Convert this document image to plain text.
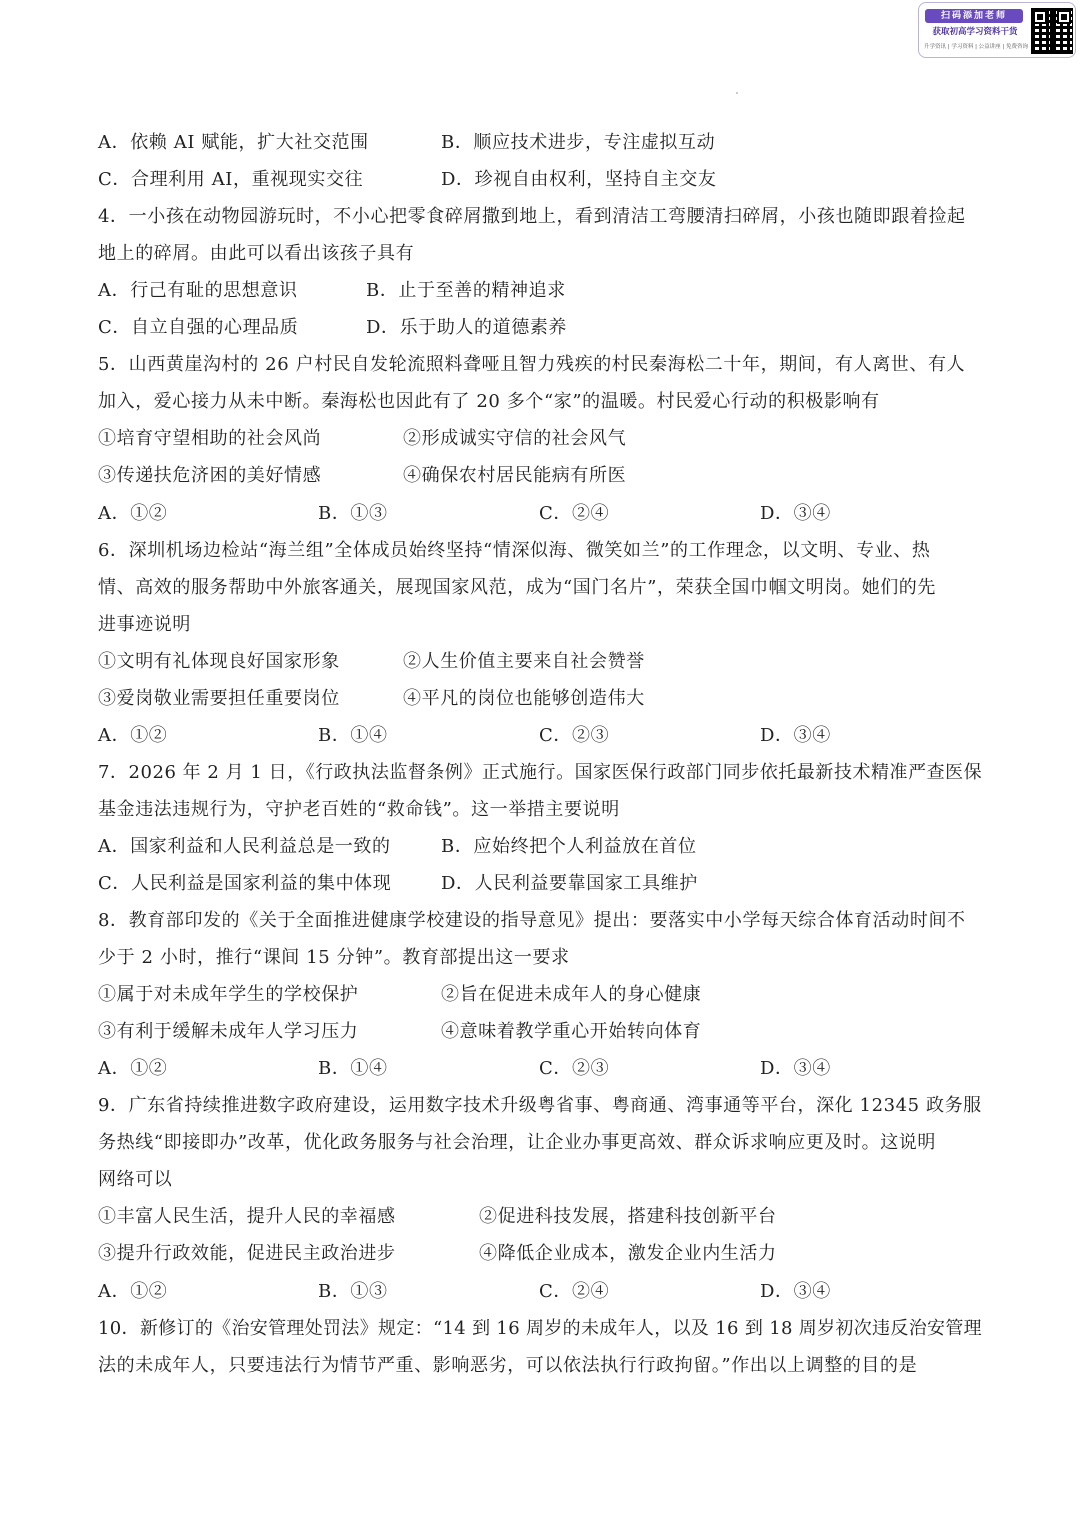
扫码添加老师
获取初高学习资料干货
升学资讯 | 学习资料 | 公益讲座 | 免费咨询
A．依赖 AI 赋能，扩大社交范围	B．顺应技术进步，专注虚拟互动
C．合理利用 AI，重视现实交往	D．珍视自由权利，坚持自主交友
4．一小孩在动物园游玩时，不小心把零食碎屑撒到地上，看到清洁工弯腰清扫碎屑，小孩也随即跟着捡起
地上的碎屑。由此可以看出该孩子具有
A．行己有耻的思想意识	B．止于至善的精神追求
C．自立自强的心理品质	D．乐于助人的道德素养
5．山西黄崖沟村的 26 户村民自发轮流照料聋哑且智力残疾的村民秦海松二十年，期间，有人离世、有人
加入，爱心接力从未中断。秦海松也因此有了 20 多个“家”的温暖。村民爱心行动的积极影响有
①培育守望相助的社会风尚	②形成诚实守信的社会风气
③传递扶危济困的美好情感	④确保农村居民能病有所医
A．①②	B．①③	C．②④	D．③④
6．深圳机场边检站“海兰组”全体成员始终坚持“情深似海、微笑如兰”的工作理念，以文明、专业、热
情、高效的服务帮助中外旅客通关，展现国家风范，成为“国门名片”，荣获全国巾帼文明岗。她们的先
进事迹说明
①文明有礼体现良好国家形象	②人生价值主要来自社会赞誉
③爱岗敬业需要担任重要岗位	④平凡的岗位也能够创造伟大
A．①②	B．①④	C．②③	D．③④
7．2026 年 2 月 1 日，《行政执法监督条例》正式施行。国家医保行政部门同步依托最新技术精准严查医保
基金违法违规行为，守护老百姓的“救命钱”。这一举措主要说明
A．国家利益和人民利益总是一致的	B．应始终把个人利益放在首位
C．人民利益是国家利益的集中体现	D．人民利益要靠国家工具维护
8．教育部印发的《关于全面推进健康学校建设的指导意见》提出：要落实中小学每天综合体育活动时间不
少于 2 小时，推行“课间 15 分钟”。教育部提出这一要求
①属于对未成年学生的学校保护	②旨在促进未成年人的身心健康
③有利于缓解未成年人学习压力	④意味着教学重心开始转向体育
A．①②	B．①④	C．②③	D．③④
9．广东省持续推进数字政府建设，运用数字技术升级粤省事、粤商通、湾事通等平台，深化 12345 政务服
务热线“即接即办”改革，优化政务服务与社会治理，让企业办事更高效、群众诉求响应更及时。这说明
网络可以
①丰富人民生活，提升人民的幸福感	②促进科技发展，搭建科技创新平台
③提升行政效能，促进民主政治进步	④降低企业成本，激发企业内生活力
A．①②	B．①③	C．②④	D．③④
10．新修订的《治安管理处罚法》规定：“14 到 16 周岁的未成年人，以及 16 到 18 周岁初次违反治安管理
法的未成年人，只要违法行为情节严重、影响恶劣，可以依法执行行政拘留。”作出以上调整的目的是
